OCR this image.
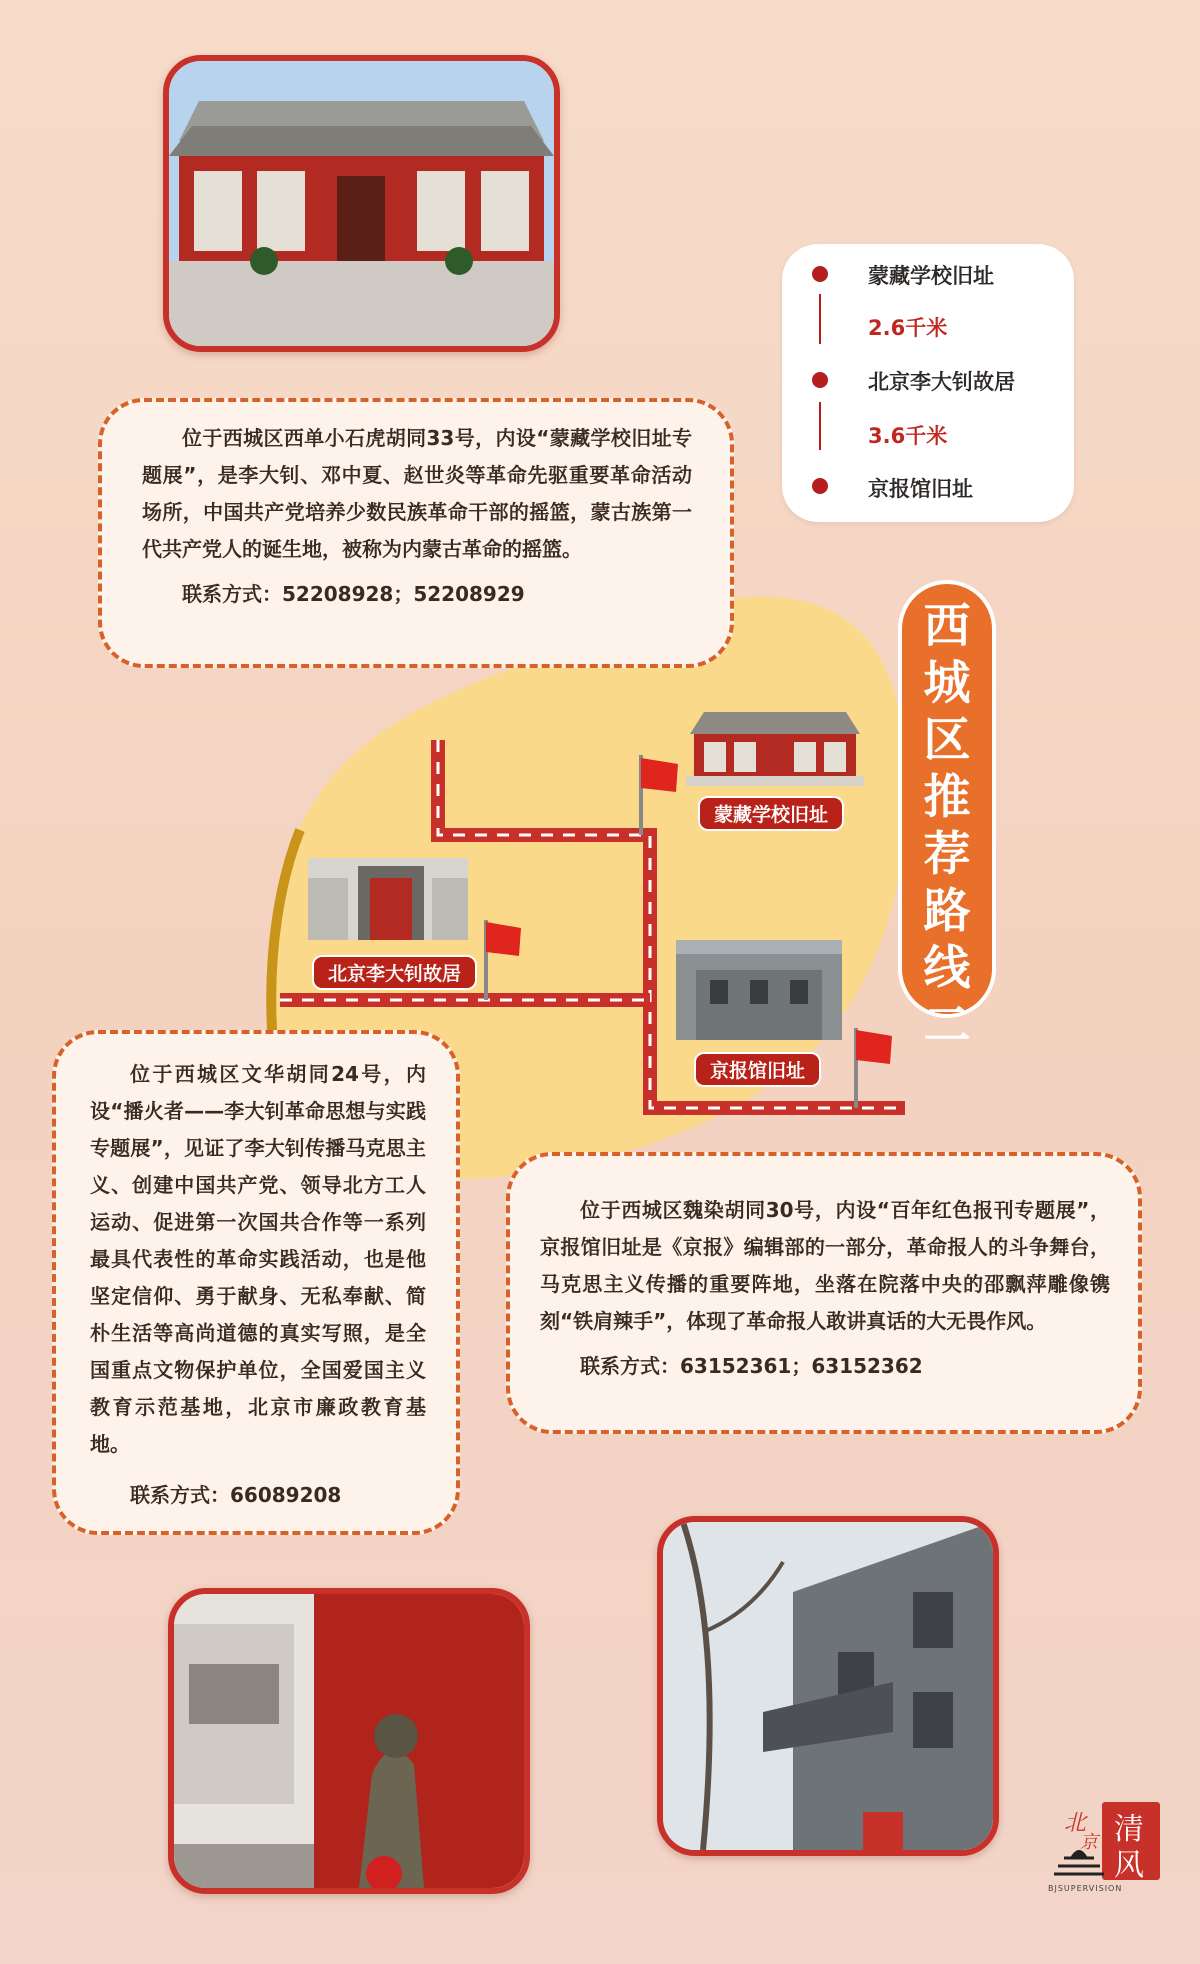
蒙藏学校旧址
2.6千米
北京李大钊故居
3.6千米
京报馆旧址

位于西城区西单小石虎胡同33号，内设“蒙藏学校旧址专题展”，是李大钊、邓中夏、赵世炎等革命先驱重要革命活动场所，中国共产党培养少数民族革命干部的摇篮，蒙古族第一代共产党人的诞生地，被称为内蒙古革命的摇篮。

联系方式：52208928；52208929

西
城
区
推
荐
路
线
二
蒙藏学校旧址
北京李大钊故居
京报馆旧址

位于西城区文华胡同24号，内设“播火者——李大钊革命思想与实践专题展”，见证了李大钊传播马克思主义、创建中国共产党、领导北方工人运动、促进第一次国共合作等一系列最具代表性的革命实践活动，也是他坚定信仰、勇于献身、无私奉献、简朴生活等高尚道德的真实写照，是全国重点文物保护单位，全国爱国主义教育示范基地，北京市廉政教育基地。

联系方式：66089208

位于西城区魏染胡同30号，内设“百年红色报刊专题展”，京报馆旧址是《京报》编辑部的一部分，革命报人的斗争舞台，马克思主义传播的重要阵地，坐落在院落中央的邵飘萍雕像镌刻“铁肩辣手”，体现了革命报人敢讲真话的大无畏作风。

联系方式：63152361；63152362

北
京 清
风
BJSUPERVISION
